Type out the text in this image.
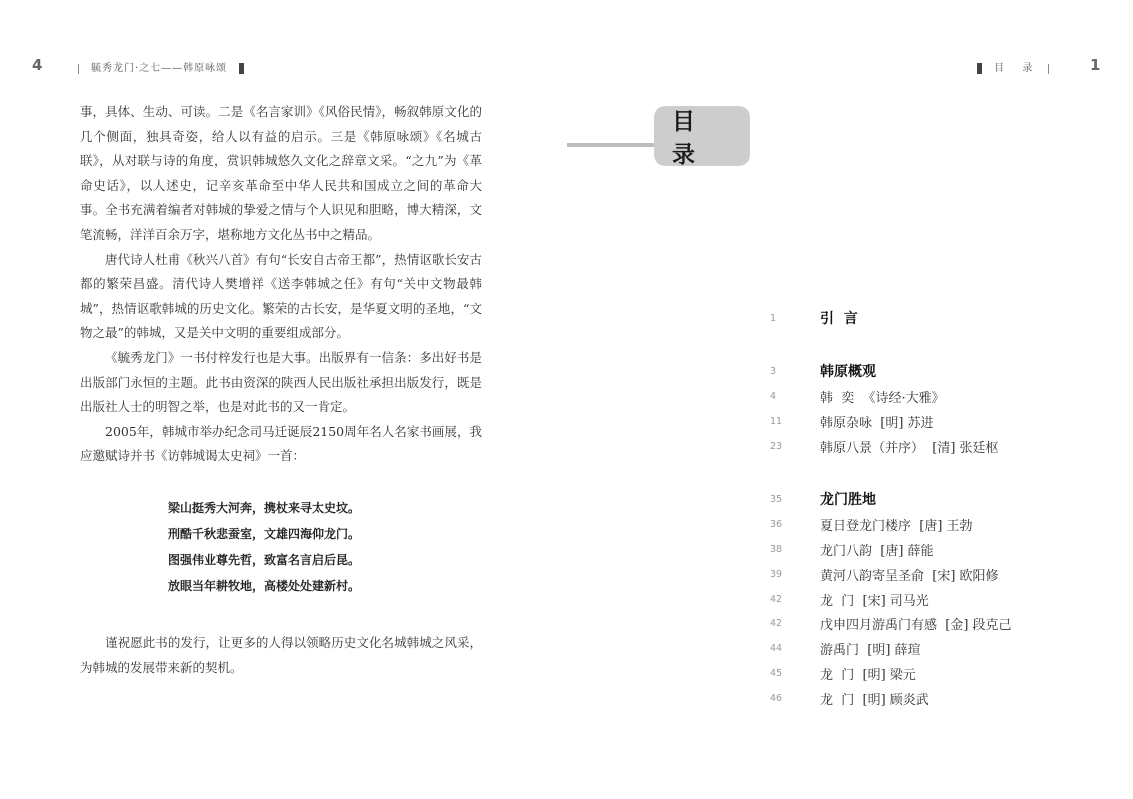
4	毓秀龙门·之七——韩原咏颂

事，具体、生动、可读。二是《名言家训》《风俗民情》，畅叙韩原文化的几个侧面，独具奇姿，给人以有益的启示。三是《韩原咏颂》《名城古联》，从对联与诗的角度，赏识韩城悠久文化之辞章文采。“之九”为《革命史话》，以人述史，记辛亥革命至中华人民共和国成立之间的革命大事。全书充满着编者对韩城的挚爱之情与个人识见和胆略，博大精深，文笔流畅，洋洋百余万字，堪称地方文化丛书中之精品。

唐代诗人杜甫《秋兴八首》有句“长安自古帝王都”，热情讴歌长安古都的繁荣昌盛。清代诗人樊增祥《送李韩城之任》有句“关中文物最韩城”，热情讴歌韩城的历史文化。繁荣的古长安，是华夏文明的圣地，“文物之最”的韩城，又是关中文明的重要组成部分。

《毓秀龙门》一书付梓发行也是大事。出版界有一信条：多出好书是出版部门永恒的主题。此书由资深的陕西人民出版社承担出版发行，既是出版社人士的明智之举，也是对此书的又一肯定。

2005年，韩城市举办纪念司马迁诞辰2150周年名人名家书画展，我应邀赋诗并书《访韩城谒太史祠》一首：

梁山挺秀大河奔，携杖来寻太史坟。
刑酷千秋悲蚕室，文雄四海仰龙门。
图强伟业尊先哲，致富名言启后昆。
放眼当年耕牧地，高楼处处建新村。

谨祝愿此书的发行，让更多的人得以领略历史文化名城韩城之风采，为韩城的发展带来新的契机。

目  录	1
目录
1	引  言
3	韩原概观
4	韩  奕  《诗经·大雅》
11	韩原杂咏  [明] 苏进
23	韩原八景（并序）  [清] 张廷枢
35	龙门胜地
36	夏日登龙门楼序  [唐] 王勃
38	龙门八韵  [唐] 薛能
39	黄河八韵寄呈圣俞  [宋] 欧阳修
42	龙  门  [宋] 司马光
42	戊申四月游禹门有感  [金] 段克己
44	游禹门  [明] 薛瑄
45	龙  门  [明] 梁元
46	龙  门  [明] 顾炎武
